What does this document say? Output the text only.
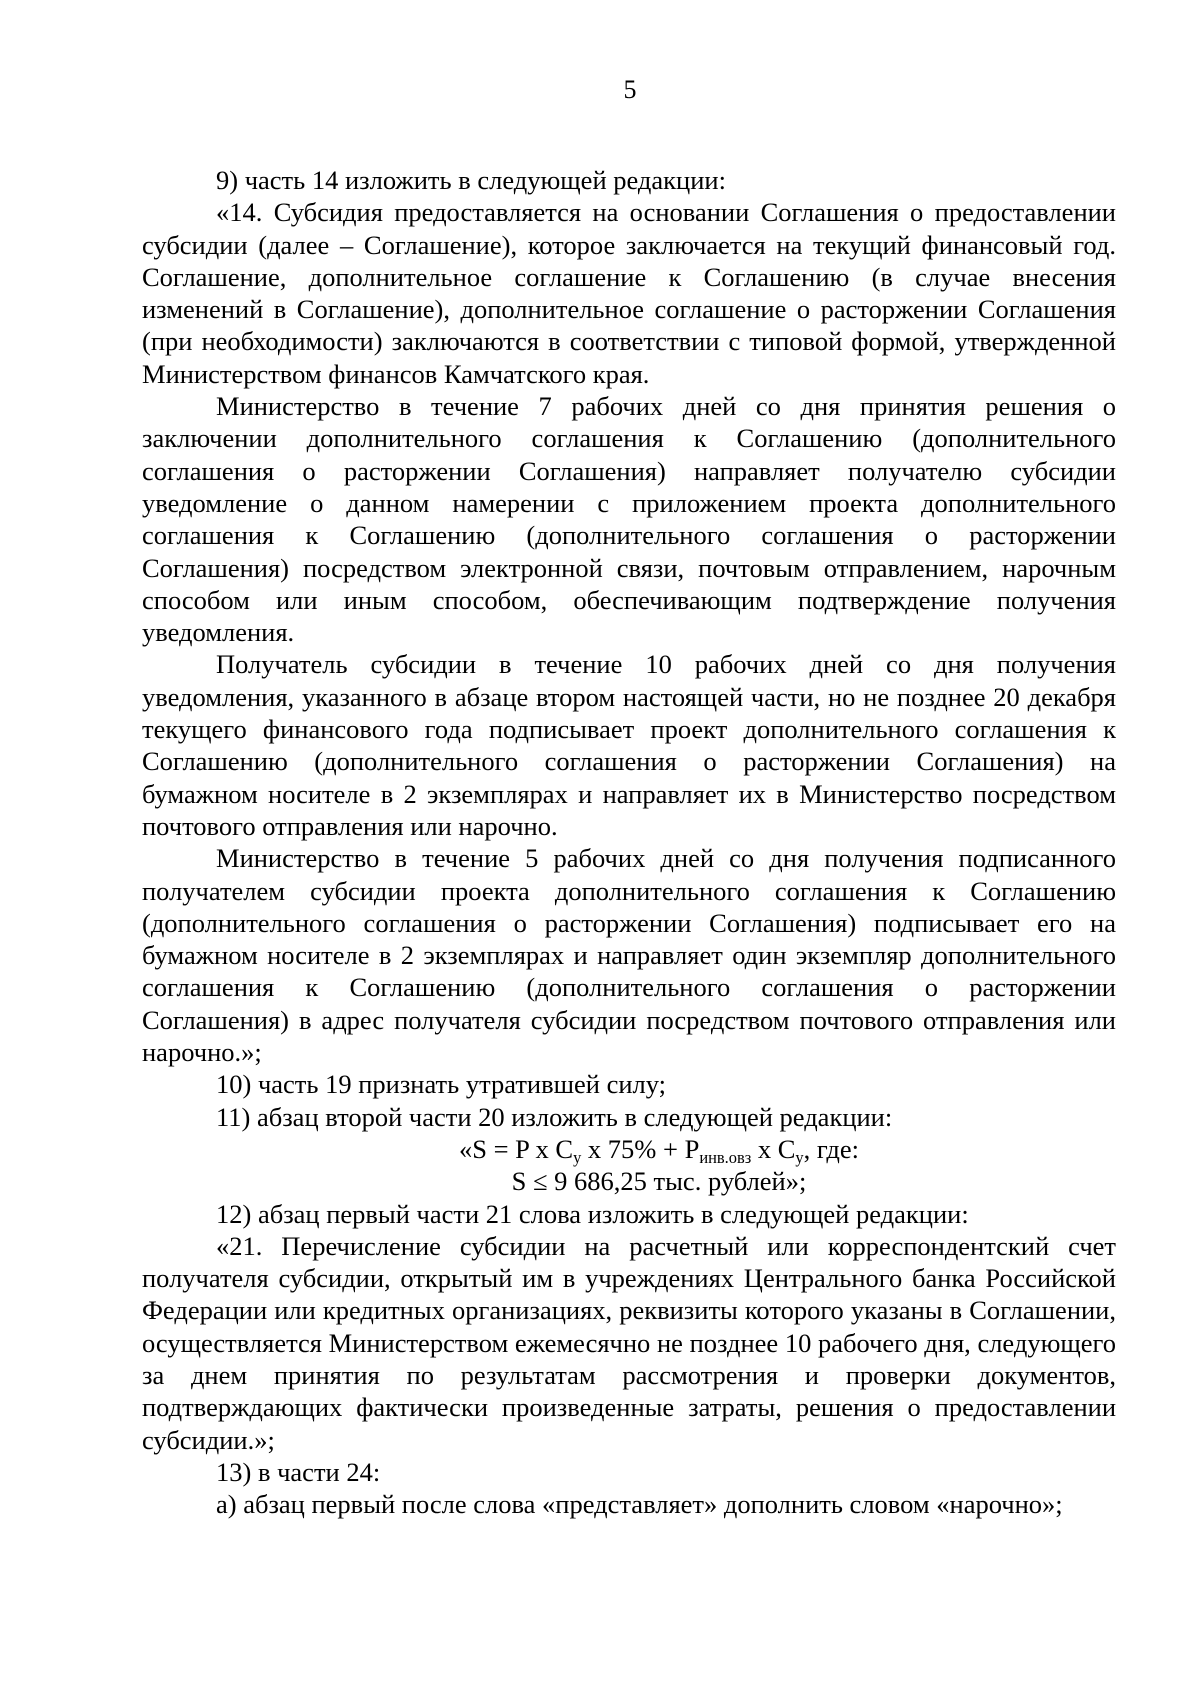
5

9) часть 14 изложить в следующей редакции:

«14. Субсидия предоставляется на основании Соглашения о предоставлении субсидии (далее – Соглашение), которое заключается на текущий финансовый год. Соглашение, дополнительное соглашение к Соглашению (в случае внесения изменений в Соглашение), дополнительное соглашение о расторжении Соглашения (при необходимости) заключаются в соответствии с типовой формой, утвержденной Министерством финансов Камчатского края.

Министерство в течение 7 рабочих дней со дня принятия решения о заключении дополнительного соглашения к Соглашению (дополнительного соглашения о расторжении Соглашения) направляет получателю субсидии уведомление о данном намерении с приложением проекта дополнительного соглашения к Соглашению (дополнительного соглашения о расторжении Соглашения) посредством электронной связи, почтовым отправлением, нарочным способом или иным способом, обеспечивающим подтверждение получения уведомления.

Получатель субсидии в течение 10 рабочих дней со дня получения уведомления, указанного в абзаце втором настоящей части, но не позднее 20 декабря текущего финансового года подписывает проект дополнительного соглашения к Соглашению (дополнительного соглашения о расторжении Соглашения) на бумажном носителе в 2 экземплярах и направляет их в Министерство посредством почтового отправления или нарочно.

Министерство в течение 5 рабочих дней со дня получения подписанного получателем субсидии проекта дополнительного соглашения к Соглашению (дополнительного соглашения о расторжении Соглашения) подписывает его на бумажном носителе в 2 экземплярах и направляет один экземпляр дополнительного соглашения к Соглашению (дополнительного соглашения о расторжении Соглашения) в адрес получателя субсидии посредством почтового отправления или нарочно.»;

10) часть 19 признать утратившей силу;

11) абзац второй части 20 изложить в следующей редакции:

«S = P x $C_y$ x $75\% + P_{инв.овз}$ x $C_y$, где:

S ≤ 9 686,25 тыс. рублей»;

12) абзац первый части 21 слова изложить в следующей редакции:

«21. Перечисление субсидии на расчетный или корреспондентский счет получателя субсидии, открытый им в учреждениях Центрального банка Российской Федерации или кредитных организациях, реквизиты которого указаны в Соглашении, осуществляется Министерством ежемесячно не позднее 10 рабочего дня, следующего за днем принятия по результатам рассмотрения и проверки документов, подтверждающих фактически произведенные затраты, решения о предоставлении субсидии.»;

13) в части 24:

а) абзац первый после слова «представляет» дополнить словом «нарочно»;
